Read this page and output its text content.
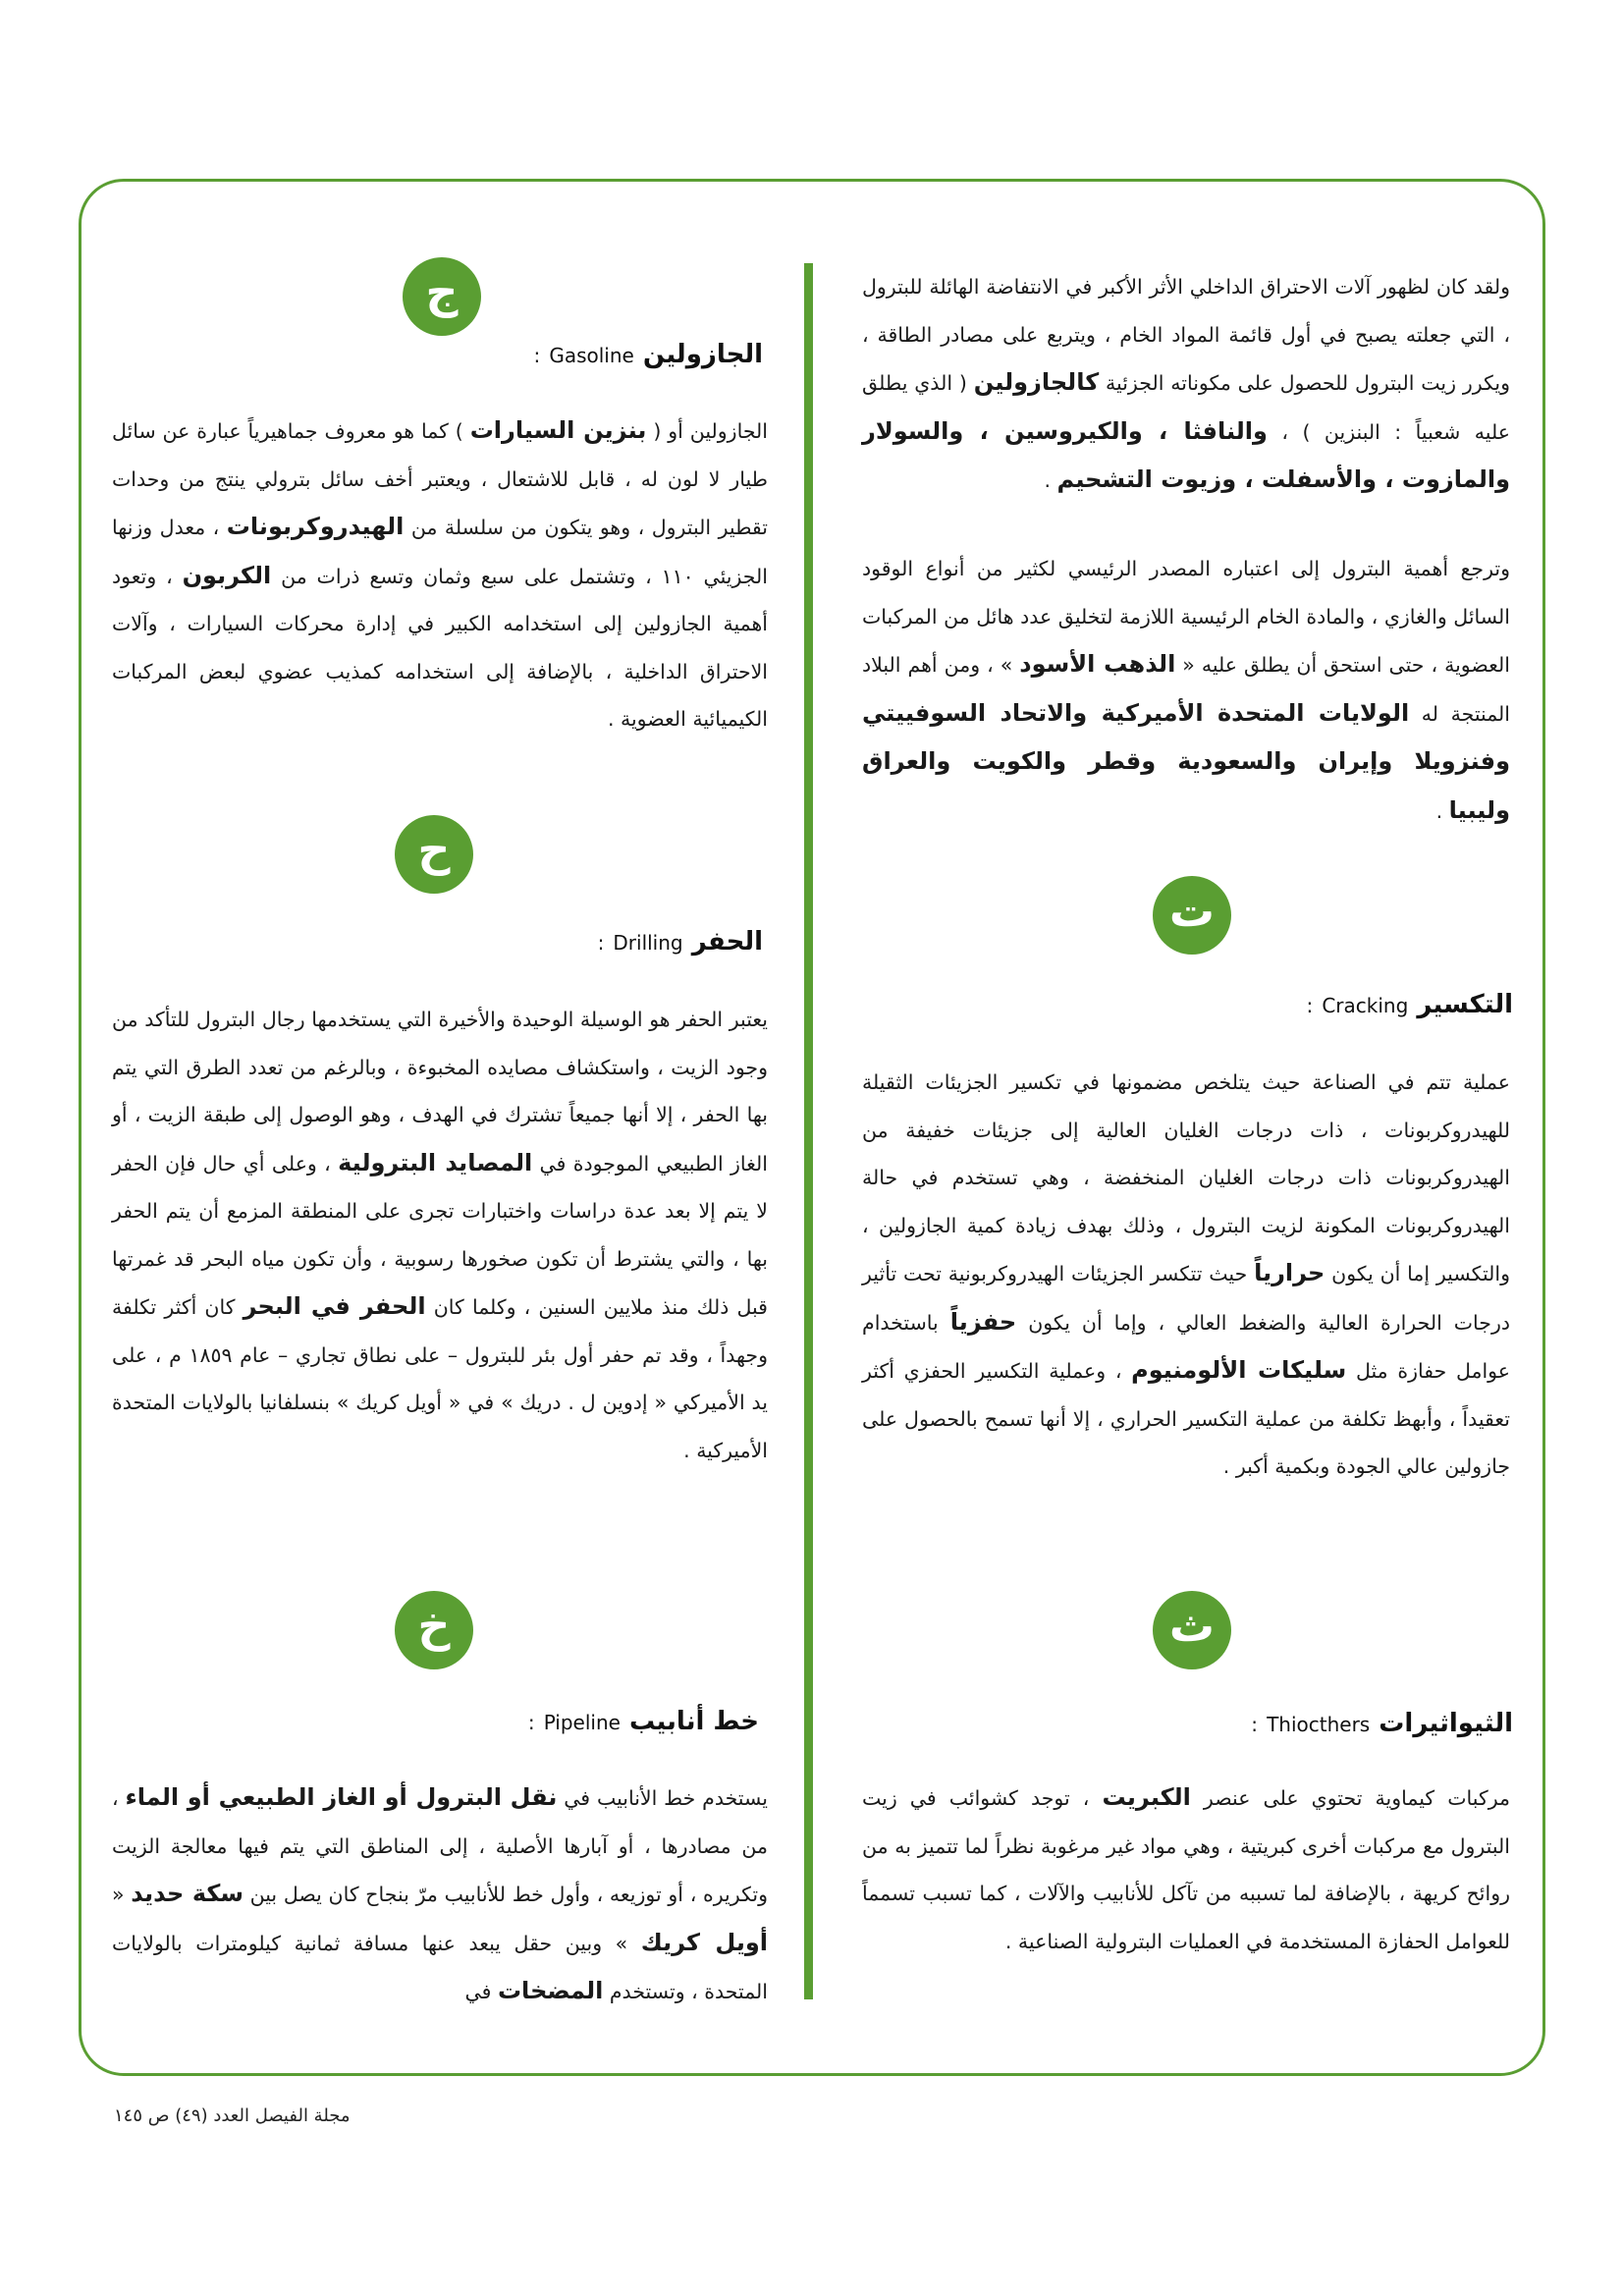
ولقد كان لظهور آلات الاحتراق الداخلي الأثر الأكبر في الانتفاضة الهائلة للبترول ، التي جعلته يصبح في أول قائمة المواد الخام ، ويتربع على مصادر الطاقة ، ويكرر زيت البترول للحصول على مكوناته الجزئية كالجازولين ( الذي يطلق عليه شعبياً : البنزين ) ، والنافثا ، والكيروسين ، والسولار والمازوت ، والأسفلت ، وزيوت التشحيم .

وترجع أهمية البترول إلى اعتباره المصدر الرئيسي لكثير من أنواع الوقود السائل والغازي ، والمادة الخام الرئيسية اللازمة لتخليق عدد هائل من المركبات العضوية ، حتى استحق أن يطلق عليه « الذهب الأسود » ، ومن أهم البلاد المنتجة له الولايات المتحدة الأميركية والاتحاد السوفييتي وفنزويلا وإيران والسعودية وقطر والكويت والعراق وليبيا .

ت
التكسير Cracking :

عملية تتم في الصناعة حيث يتلخص مضمونها في تكسير الجزيئات الثقيلة للهيدروكربونات ، ذات درجات الغليان العالية إلى جزيئات خفيفة من الهيدروكربونات ذات درجات الغليان المنخفضة ، وهي تستخدم في حالة الهيدروكربونات المكونة لزيت البترول ، وذلك بهدف زيادة كمية الجازولين ، والتكسير إما أن يكون حرارياً حيث تتكسر الجزيئات الهيدروكربونية تحت تأثير درجات الحرارة العالية والضغط العالي ، وإما أن يكون حفزياً باستخدام عوامل حفازة مثل سليكات الألومنيوم ، وعملية التكسير الحفزي أكثر تعقيداً ، وأبهظ تكلفة من عملية التكسير الحراري ، إلا أنها تسمح بالحصول على جازولين عالي الجودة وبكمية أكبر .

ث
الثيواثيرات Thiocthers :

مركبات كيماوية تحتوي على عنصر الكبريت ، توجد كشوائب في زيت البترول مع مركبات أخرى كبريتية ، وهي مواد غير مرغوبة نظراً لما تتميز به من روائح كريهة ، بالإضافة لما تسببه من تآكل للأنابيب والآلات ، كما تسبب تسمماً للعوامل الحفازة المستخدمة في العمليات البترولية الصناعية .

ج
الجازولين Gasoline :

الجازولين أو ( بنزين السيارات ) كما هو معروف جماهيرياً عبارة عن سائل طيار لا لون له ، قابل للاشتعال ، ويعتبر أخف سائل بترولي ينتج من وحدات تقطير البترول ، وهو يتكون من سلسلة من الهيدروكربونات ، معدل وزنها الجزيئي ١١٠ ، وتشتمل على سبع وثمان وتسع ذرات من الكربون ، وتعود أهمية الجازولين إلى استخدامه الكبير في إدارة محركات السيارات ، وآلات الاحتراق الداخلية ، بالإضافة إلى استخدامه كمذيب عضوي لبعض المركبات الكيميائية العضوية .

ح
الحفر Drilling :

يعتبر الحفر هو الوسيلة الوحيدة والأخيرة التي يستخدمها رجال البترول للتأكد من وجود الزيت ، واستكشاف مصايده المخبوءة ، وبالرغم من تعدد الطرق التي يتم بها الحفر ، إلا أنها جميعاً تشترك في الهدف ، وهو الوصول إلى طبقة الزيت ، أو الغاز الطبيعي الموجودة في المصايد البترولية ، وعلى أي حال فإن الحفر لا يتم إلا بعد عدة دراسات واختبارات تجرى على المنطقة المزمع أن يتم الحفر بها ، والتي يشترط أن تكون صخورها رسوبية ، وأن تكون مياه البحر قد غمرتها قبل ذلك منذ ملايين السنين ، وكلما كان الحفر في البحر كان أكثر تكلفة وجهداً ، وقد تم حفر أول بئر للبترول – على نطاق تجاري – عام ١٨٥٩ م ، على يد الأميركي « إدوين ل . دريك » في « أويل كريك » بنسلفانيا بالولايات المتحدة الأميركية .

خ
خط أنابيب Pipeline :

يستخدم خط الأنابيب في نقل البترول أو الغاز الطبيعي أو الماء ، من مصادرها ، أو آبارها الأصلية ، إلى المناطق التي يتم فيها معالجة الزيت وتكريره ، أو توزيعه ، وأول خط للأنابيب مرّ بنجاح كان يصل بين سكة حديد « أويل كريك » وبين حقل يبعد عنها مسافة ثمانية كيلومترات بالولايات المتحدة ، وتستخدم المضخات في

مجلة الفيصل العدد (٤٩) ص ١٤٥
